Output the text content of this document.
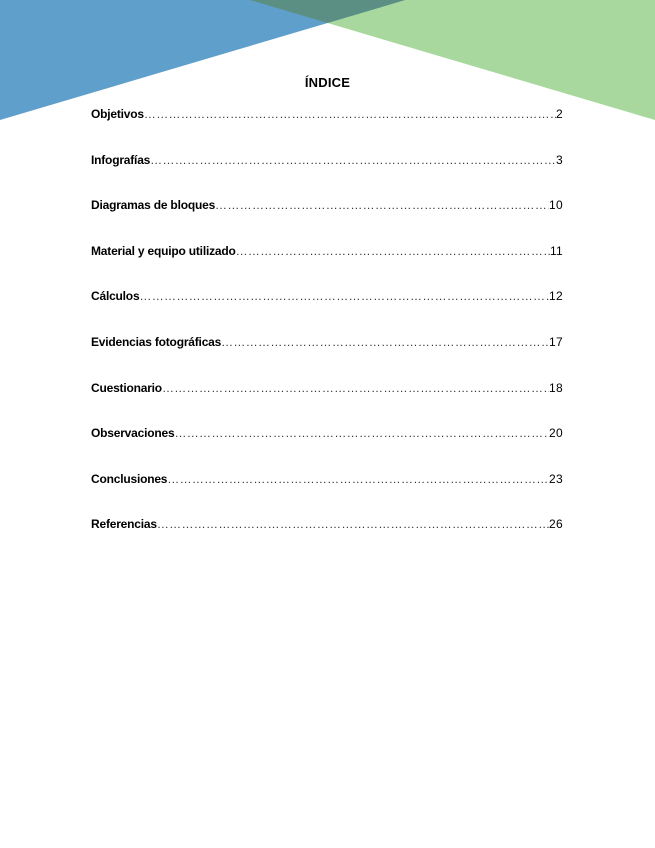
ÍNDICE
Objetivos …………………………………………………………………………………………………………………………………………………………	2
Infografías …………………………………………………………………………………………………………………………………………………………	3
Diagramas de bloques …………………………………………………………………………………………………………………………………………………………	10
Material y equipo utilizado …………………………………………………………………………………………………………………………………………………………	11
Cálculos …………………………………………………………………………………………………………………………………………………………	12
Evidencias fotográficas …………………………………………………………………………………………………………………………………………………………	17
Cuestionario …………………………………………………………………………………………………………………………………………………………	18
Observaciones …………………………………………………………………………………………………………………………………………………………	20
Conclusiones …………………………………………………………………………………………………………………………………………………………	23
Referencias …………………………………………………………………………………………………………………………………………………………	26
